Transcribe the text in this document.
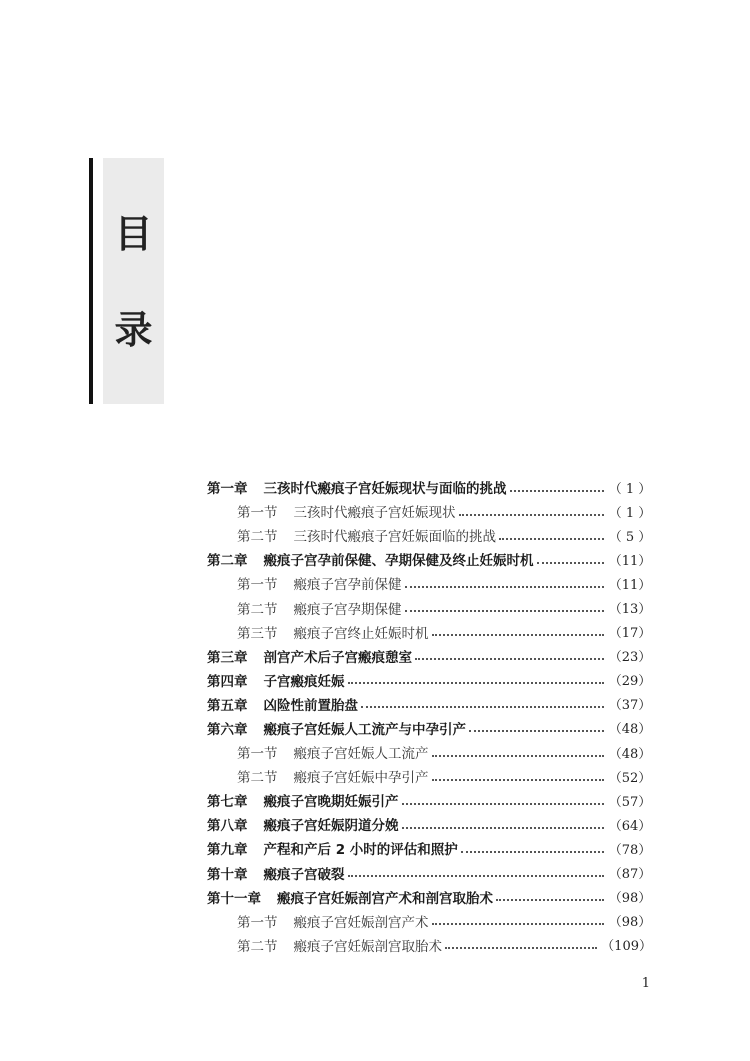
目
录
第一章 三孩时代瘢痕子宫妊娠现状与面临的挑战	（ 1 ）
第一节 三孩时代瘢痕子宫妊娠现状	（ 1 ）
第二节 三孩时代瘢痕子宫妊娠面临的挑战	（ 5 ）
第二章 瘢痕子宫孕前保健、孕期保健及终止妊娠时机	（11）
第一节 瘢痕子宫孕前保健	（11）
第二节 瘢痕子宫孕期保健	（13）
第三节 瘢痕子宫终止妊娠时机	（17）
第三章 剖宫产术后子宫瘢痕憩室	（23）
第四章 子宫瘢痕妊娠	（29）
第五章 凶险性前置胎盘	（37）
第六章 瘢痕子宫妊娠人工流产与中孕引产	（48）
第一节 瘢痕子宫妊娠人工流产	（48）
第二节 瘢痕子宫妊娠中孕引产	（52）
第七章 瘢痕子宫晚期妊娠引产	（57）
第八章 瘢痕子宫妊娠阴道分娩	（64）
第九章 产程和产后 2 小时的评估和照护	（78）
第十章 瘢痕子宫破裂	（87）
第十一章 瘢痕子宫妊娠剖宫产术和剖宫取胎术	（98）
第一节 瘢痕子宫妊娠剖宫产术	（98）
第二节 瘢痕子宫妊娠剖宫取胎术	（109）
1
